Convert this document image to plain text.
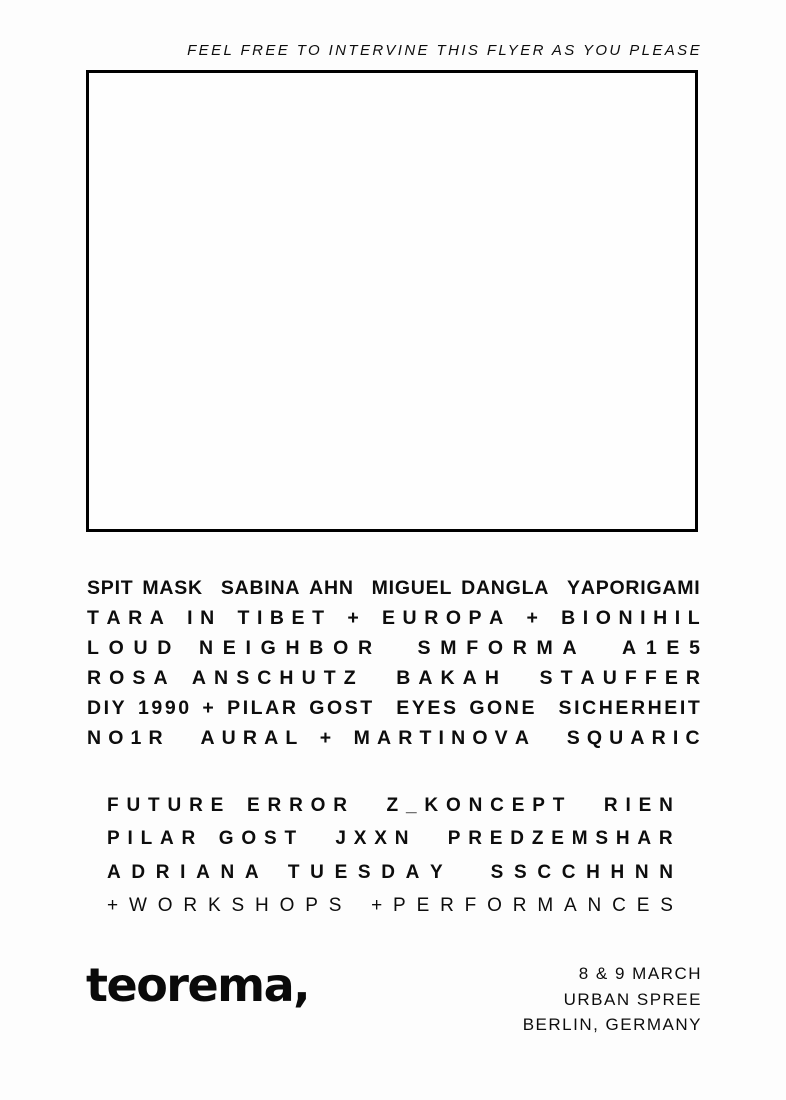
FEEL FREE TO INTERVINE THIS FLYER AS YOU PLEASE
S P I T M A S K S A B I N A A H N M I G U E L D A N G L A Y A P O R I G A M I
T A R A I N T I B E T + E U R O P A + B I O N I H I L
L O U D N E I G H B O R S M F O R M A A 1 E 5
R O S A A N S C H U T Z B A K A H S T A U F F E R
D I Y 1 9 9 0 + P I L A R G O S T E Y E S G O N E S I C H E R H E I T
N O 1 R A U R A L + M A R T I N O V A S Q U A R I C
F U T U R E E R R O R Z _ K O N C E P T R I E N
P I L A R G O S T J X X N P R E D Z E M S H A R
A D R I A N A T U E S D A Y	S S C C H H N N
+ W O R K S H O P S + P E R F O R M A N C E S
teorema,	8 & 9 MARCH
URBAN SPREE
BERLIN, GERMANY
